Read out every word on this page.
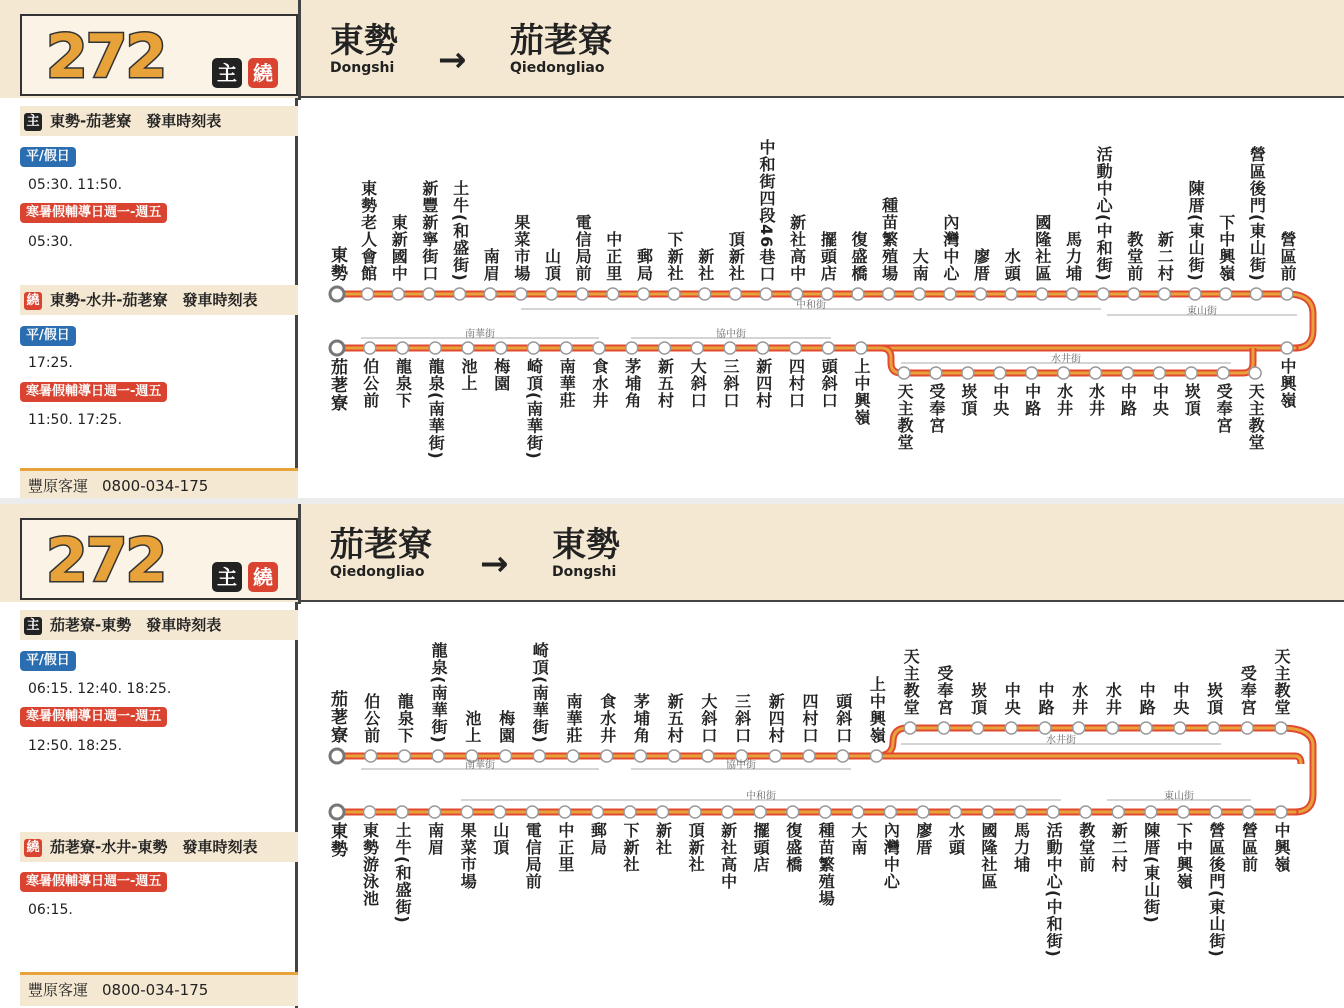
272	主 繞
東勢
Dongshi → 茄荖寮
Qiedongliao
主 東勢-茄荖寮　發車時刻表
平/假日
05:30. 11:50.
寒暑假輔導日週一-週五
05:30.
繞 東勢-水井-茄荖寮　發車時刻表
平/假日
17:25.
寒暑假輔導日週一-週五
11:50. 17:25.
豐原客運 0800-034-175
東勢 東勢老人會館 東新國中 新豐新寧街口 土牛(和盛街) 南眉 果菜市場 山頂 電信局前 中正里 郵局 下新社 新社 頂新社 中和街四段46巷口 新社高中 擺頭店 復盛橋 種苗繁殖場 大南 內灣中心 廖厝 水頭 國隆社區 馬力埔 活動中心(中和街) 教堂前 新二村 陳厝(東山街) 下中興嶺 營區後門(東山街) 營區前
茄荖寮 伯公前 龍泉下 龍泉(南華街) 池上 梅園 崎頂(南華街) 南華莊 食水井 茅埔角 新五村 大斜口 三斜口 新四村 四村口 頭斜口 上中興嶺 天主教堂 受奉宮 崁頂 中央 中路 水井 水井 中路 中央 崁頂 受奉宮 天主教堂 中興嶺
中和街
東山街
南華街	協中街
水井街
272	主 繞
茄荖寮
Qiedongliao → 東勢
Dongshi
主 茄荖寮-東勢　發車時刻表
平/假日
06:15. 12:40. 18:25.
寒暑假輔導日週一-週五
12:50. 18:25.
繞 茄荖寮-水井-東勢　發車時刻表
寒暑假輔導日週一-週五
06:15.
豐原客運 0800-034-175
茄荖寮 伯公前 龍泉下 龍泉(南華街) 池上 梅園 崎頂(南華街) 南華莊 食水井 茅埔角 新五村 大斜口 三斜口 新四村 四村口 頭斜口 上中興嶺 天主教堂 受奉宮 崁頂 中央 中路 水井 水井 中路 中央 崁頂 受奉宮 天主教堂
東勢 東勢游泳池 土牛(和盛街) 南眉 果菜市場 山頂 電信局前 中正里 郵局 下新社 新社 頂新社 新社高中 擺頭店 復盛橋 種苗繁殖場 大南 內灣中心 廖厝 水頭 國隆社區 馬力埔 活動中心(中和街) 教堂前 新二村 陳厝(東山街) 下中興嶺 營區後門(東山街) 營區前 中興嶺
南華街	協中街
水井街
中和街	東山街
